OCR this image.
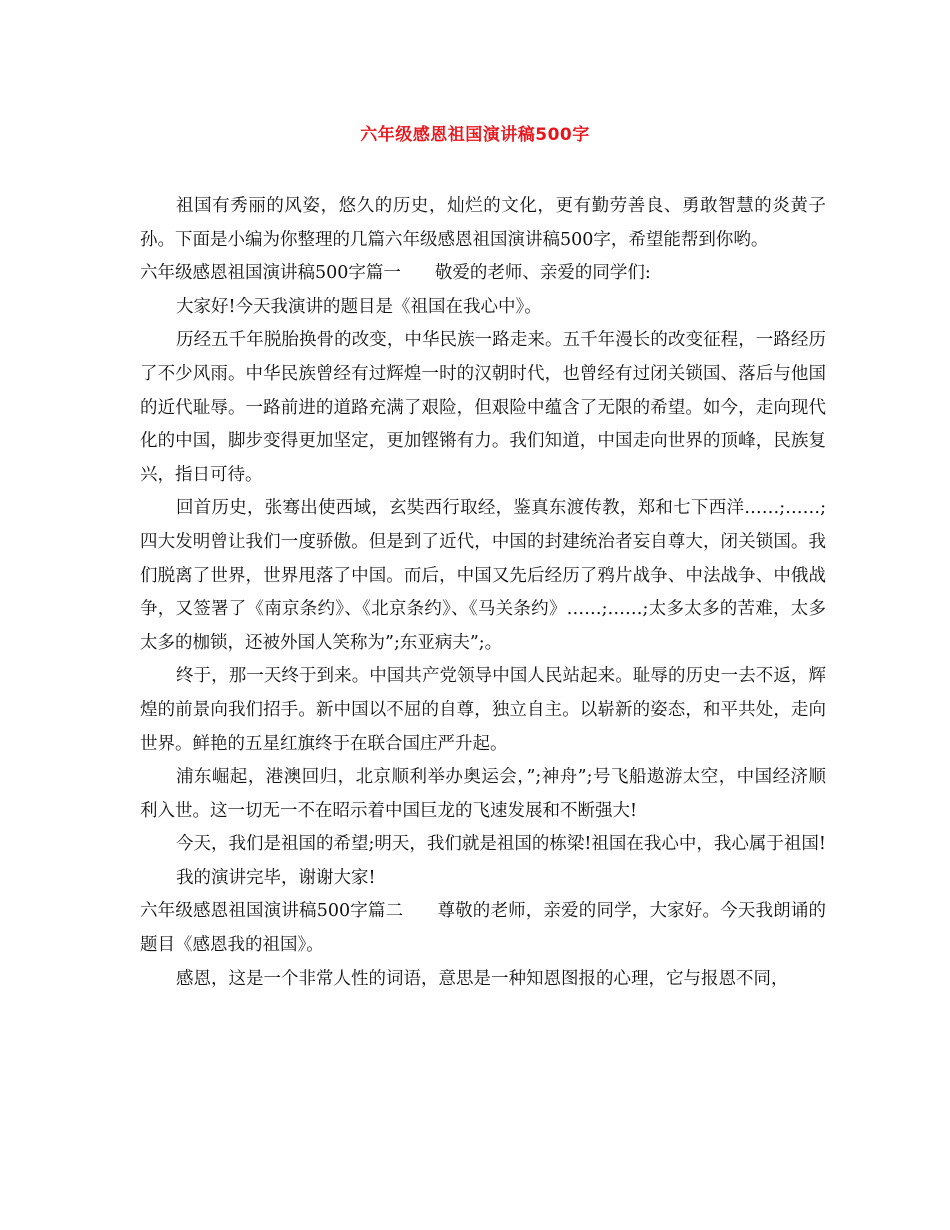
六年级感恩祖国演讲稿500字

祖国有秀丽的风姿，悠久的历史，灿烂的文化，更有勤劳善良、勇敢智慧的炎黄子孙。下面是小编为你整理的几篇六年级感恩祖国演讲稿500字，希望能帮到你哟。

六年级感恩祖国演讲稿500字篇一 敬爱的老师、亲爱的同学们:

大家好!今天我演讲的题目是《祖国在我心中》。

历经五千年脱胎换骨的改变，中华民族一路走来。五千年漫长的改变征程，一路经历了不少风雨。中华民族曾经有过辉煌一时的汉朝时代，也曾经有过闭关锁国、落后与他国的近代耻辱。一路前进的道路充满了艰险，但艰险中蕴含了无限的希望。如今，走向现代化的中国，脚步变得更加坚定，更加铿锵有力。我们知道，中国走向世界的顶峰，民族复兴，指日可待。

回首历史，张骞出使西域，玄奘西行取经，鉴真东渡传教，郑和七下西洋……;……;四大发明曾让我们一度骄傲。但是到了近代，中国的封建统治者妄自尊大，闭关锁国。我们脱离了世界，世界甩落了中国。而后，中国又先后经历了鸦片战争、中法战争、中俄战争，又签署了《南京条约》、《北京条约》、《马关条约》……;……;太多太多的苦难，太多太多的枷锁，还被外国人笑称为”;东亚病夫”;。

终于，那一天终于到来。中国共产党领导中国人民站起来。耻辱的历史一去不返，辉煌的前景向我们招手。新中国以不屈的自尊，独立自主。以崭新的姿态，和平共处，走向世界。鲜艳的五星红旗终于在联合国庄严升起。

浦东崛起，港澳回归，北京顺利举办奥运会，”;神舟”;号飞船遨游太空，中国经济顺利入世。这一切无一不在昭示着中国巨龙的飞速发展和不断强大!

今天，我们是祖国的希望;明天，我们就是祖国的栋梁!祖国在我心中，我心属于祖国!

我的演讲完毕，谢谢大家!

六年级感恩祖国演讲稿500字篇二 尊敬的老师，亲爱的同学，大家好。今天我朗诵的题目《感恩我的祖国》。

感恩，这是一个非常人性的词语，意思是一种知恩图报的心理，它与报恩不同，
